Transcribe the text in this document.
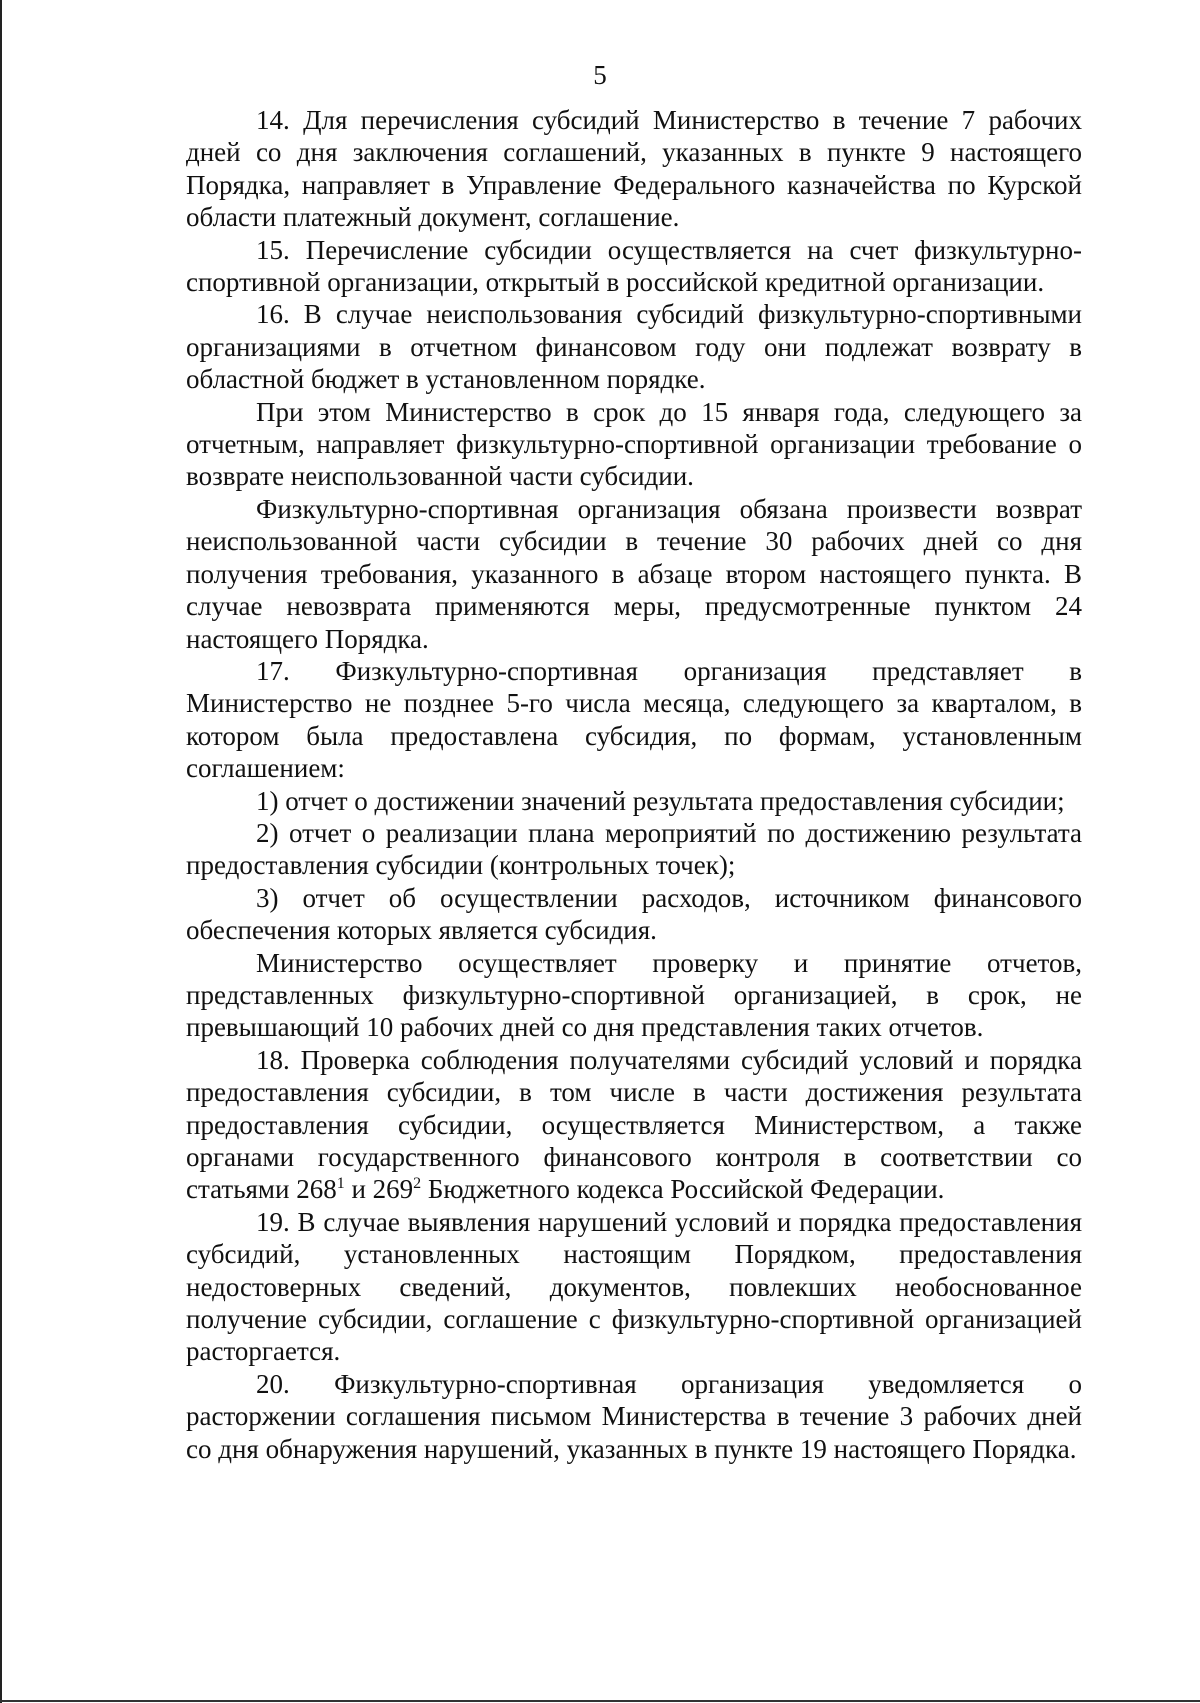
5

14. Для перечисления субсидий Министерство в течение 7 рабочих дней со дня заключения соглашений, указанных в пункте 9 настоящего Порядка, направляет в Управление Федерального казначейства по Курской области платежный документ, соглашение.

15. Перечисление субсидии осуществляется на счет физкультурно-спортивной организации, открытый в российской кредитной организации.

16. В случае неиспользования субсидий физкультурно-спортивными организациями в отчетном финансовом году они подлежат возврату в областной бюджет в установленном порядке.

При этом Министерство в срок до 15 января года, следующего за отчетным, направляет физкультурно-спортивной организации требование о возврате неиспользованной части субсидии.

Физкультурно-спортивная организация обязана произвести возврат неиспользованной части субсидии в течение 30 рабочих дней со дня получения требования, указанного в абзаце втором настоящего пункта. В случае невозврата применяются меры, предусмотренные пунктом 24 настоящего Порядка.

17. Физкультурно-спортивная организация представляет в Министерство не позднее 5-го числа месяца, следующего за кварталом, в котором была предоставлена субсидия, по формам, установленным соглашением:

1) отчет о достижении значений результата предоставления субсидии;

2) отчет о реализации плана мероприятий по достижению результата предоставления субсидии (контрольных точек);

3) отчет об осуществлении расходов, источником финансового обеспечения которых является субсидия.

Министерство осуществляет проверку и принятие отчетов, представленных физкультурно-спортивной организацией, в срок, не превышающий 10 рабочих дней со дня представления таких отчетов.

18. Проверка соблюдения получателями субсидий условий и порядка предоставления субсидии, в том числе в части достижения результата предоставления субсидии, осуществляется Министерством, а также органами государственного финансового контроля в соответствии со статьями $268^1$ и $269^2$ Бюджетного кодекса Российской Федерации.

19. В случае выявления нарушений условий и порядка предоставления субсидий, установленных настоящим Порядком, предоставления недостоверных сведений, документов, повлекших необоснованное получение субсидии, соглашение с физкультурно-спортивной организацией расторгается.

20. Физкультурно-спортивная организация уведомляется о расторжении соглашения письмом Министерства в течение 3 рабочих дней со дня обнаружения нарушений, указанных в пункте 19 настоящего Порядка.
